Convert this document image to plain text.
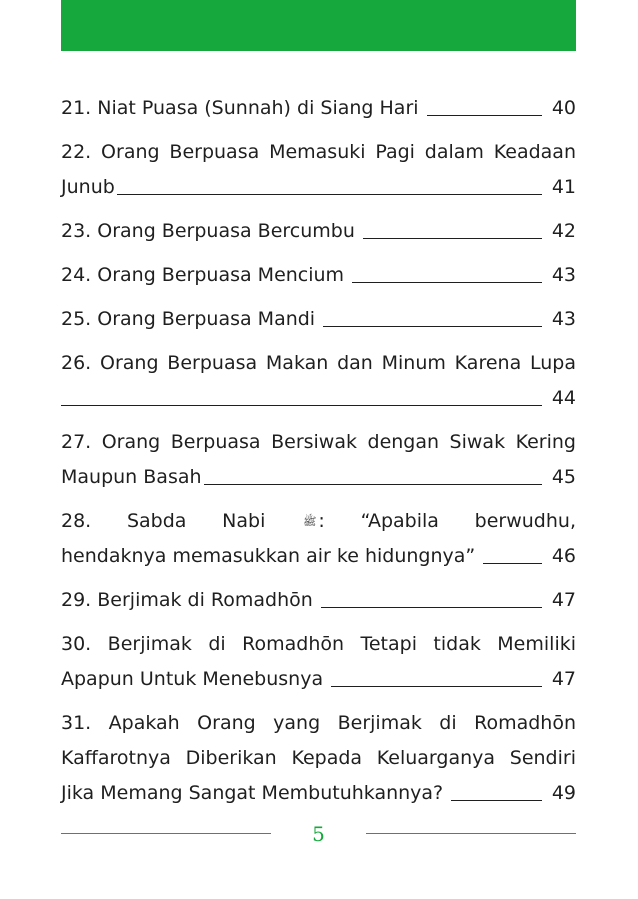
21. Niat Puasa (Sunnah) di Siang Hari	40
22. Orang Berpuasa Memasuki Pagi dalam Keadaan
Junub	41
23. Orang Berpuasa Bercumbu	42
24. Orang Berpuasa Mencium	43
25. Orang Berpuasa Mandi	43
26. Orang Berpuasa Makan dan Minum Karena Lupa
44
27. Orang Berpuasa Bersiwak dengan Siwak Kering
Maupun Basah	45
28. Sabda Nabi	ﷺ : “Apabila berwudhu,
hendaknya memasukkan air ke hidungnya”	46
29. Berjimak di Romadhōn	47
30. Berjimak di Romadhōn Tetapi tidak Memiliki
Apapun Untuk Menebusnya	47
31. Apakah Orang yang Berjimak di Romadhōn
Kaffarotnya Diberikan Kepada Keluarganya Sendiri
Jika Memang Sangat Membutuhkannya?	49
5
